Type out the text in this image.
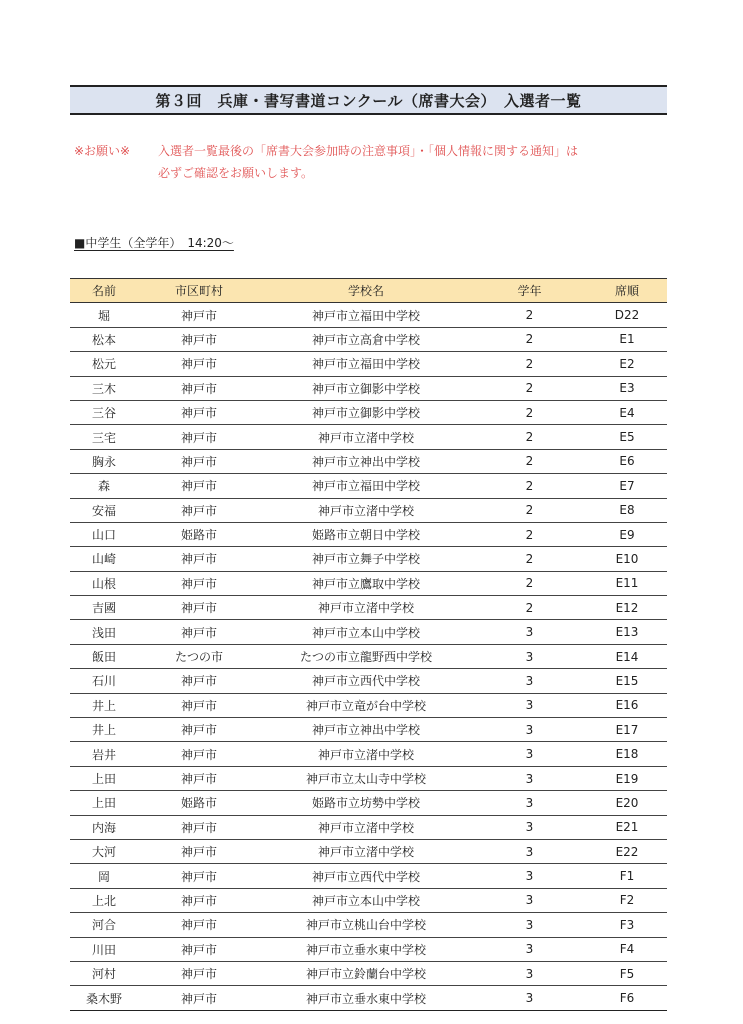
第３回　兵庫・書写書道コンクール（席書大会）　入選者一覧
※お願い※	入選者一覧最後の「席書大会参加時の注意事項」・「個人情報に関する通知」は
必ずご確認をお願いします。
■中学生（全学年）　14:20～
名前	市区町村	学校名	学年	席順
堀	神戸市	神戸市立福田中学校	2	D22
松本	神戸市	神戸市立高倉中学校	2	E1
松元	神戸市	神戸市立福田中学校	2	E2
三木	神戸市	神戸市立御影中学校	2	E3
三谷	神戸市	神戸市立御影中学校	2	E4
三宅	神戸市	神戸市立渚中学校	2	E5
胸永	神戸市	神戸市立神出中学校	2	E6
森	神戸市	神戸市立福田中学校	2	E7
安福	神戸市	神戸市立渚中学校	2	E8
山口	姫路市	姫路市立朝日中学校	2	E9
山崎	神戸市	神戸市立舞子中学校	2	E10
山根	神戸市	神戸市立鷹取中学校	2	E11
吉國	神戸市	神戸市立渚中学校	2	E12
浅田	神戸市	神戸市立本山中学校	3	E13
飯田	たつの市	たつの市立龍野西中学校	3	E14
石川	神戸市	神戸市立西代中学校	3	E15
井上	神戸市	神戸市立竜が台中学校	3	E16
井上	神戸市	神戸市立神出中学校	3	E17
岩井	神戸市	神戸市立渚中学校	3	E18
上田	神戸市	神戸市立太山寺中学校	3	E19
上田	姫路市	姫路市立坊勢中学校	3	E20
内海	神戸市	神戸市立渚中学校	3	E21
大河	神戸市	神戸市立渚中学校	3	E22
岡	神戸市	神戸市立西代中学校	3	F1
上北	神戸市	神戸市立本山中学校	3	F2
河合	神戸市	神戸市立桃山台中学校	3	F3
川田	神戸市	神戸市立垂水東中学校	3	F4
河村	神戸市	神戸市立鈴蘭台中学校	3	F5
桑木野	神戸市	神戸市立垂水東中学校	3	F6
